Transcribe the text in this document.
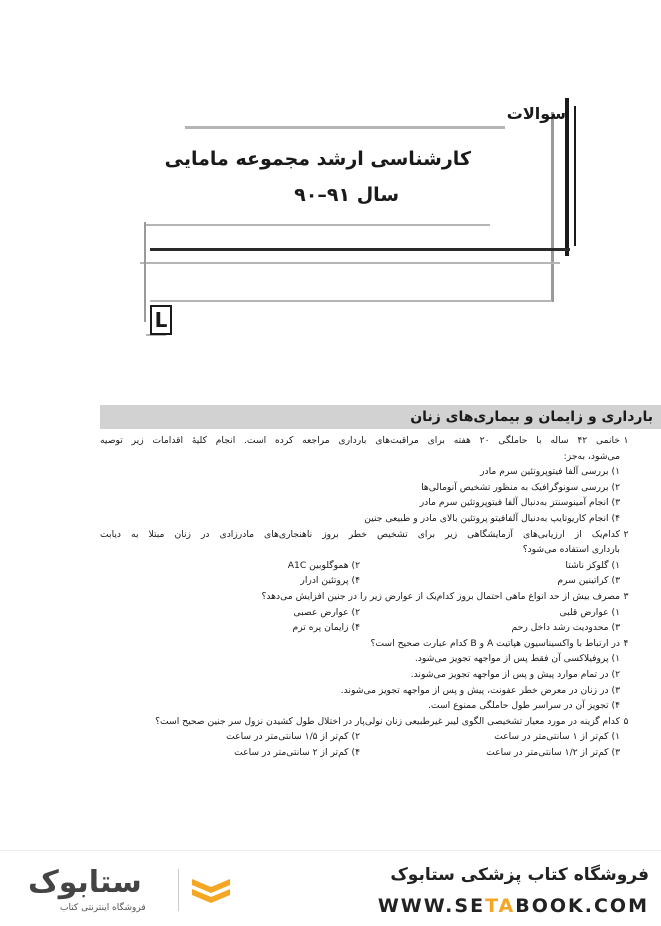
سوالات
کارشناسی ارشد مجموعه مامایی
سال ۹۱–۹۰
L
بارداری و زایمان و بیماری‌های زنان
۱
خانمی ۴۲ ساله با حاملگی ۲۰ هفته برای مراقبت‌های بارداری مراجعه کرده است. انجام کلیهٔ اقدامات زیر توصیه
می‌شود، به‌جز:
۱) بررسی آلفا فیتوپروتئین سرم مادر
۲) بررسی سونوگرافیک به منظور تشخیص آنومالی‌ها
۳) انجام آمینوسنتز به‌دنبال آلفا فیتوپروتئین سرم مادر
۴) انجام کاریوتایپ به‌دنبال آلفافیتو پروتئین بالای مادر و طبیعی جنین
۲
کدام‌یک از ارزیابی‌های آزمایشگاهی زیر برای تشخیص خطر بروز ناهنجاری‌های مادرزادی در زنان مبتلا به دیابت
بارداری استفاده می‌شود؟
۱) گلوکز ناشتا
۲) هموگلوبین A1C
۳) کراتینین سرم
۴) پروتئین ادرار
۳
مصرف بیش از حد انواع ماهی احتمال بروز کدام‌یک از عوارض زیر را در جنین افزایش می‌دهد؟
۱) عوارض قلبی
۲) عوارض عصبی
۳) محدودیت رشد داخل رحم
۴) زایمان پره ترم
۴
در ارتباط با واکسیناسیون هپاتیت A و B کدام عبارت صحیح است؟
۱) پروفیلاکسی آن فقط پس از مواجهه تجویز می‌شود.
۲) در تمام موارد پیش و پس از مواجهه تجویز می‌شوند.
۳) در زنان در معرض خطر عفونت، پیش و پس از مواجهه تجویز می‌شوند.
۴) تجویز آن در سراسر طول حاملگی ممنوع است.
۵
کدام گزینه در مورد معیار تشخیصی الگوی لیبر غیرطبیعی زنان نولی‌پار در اختلال طول کشیدن نزول سر جنین صحیح است؟
۱) کم‌تر از ۱ سانتی‌متر در ساعت
۲) کم‌تر از ۱/۵ سانتی‌متر در ساعت
۳) کم‌تر از ۱/۲ سانتی‌متر در ساعت
۴) کم‌تر از ۲ سانتی‌متر در ساعت
ستابوک
فروشگاه اینترنتی کتاب
فروشگاه کتاب پزشکی ستابوک
WWW.SETABOOK.COM
